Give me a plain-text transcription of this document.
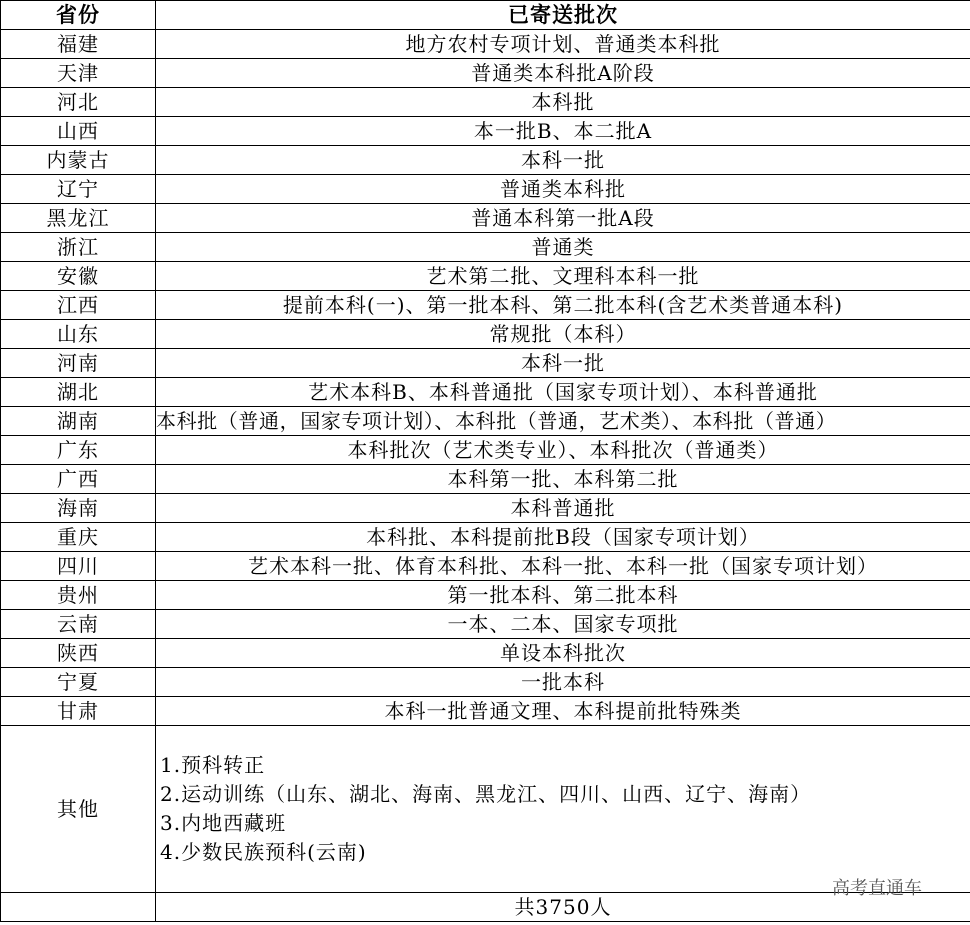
省份	已寄送批次
福建	地方农村专项计划、普通类本科批
天津	普通类本科批A阶段
河北	本科批
山西	本一批B、本二批A
内蒙古	本科一批
辽宁	普通类本科批
黑龙江	普通本科第一批A段
浙江	普通类
安徽	艺术第二批、文理科本科一批
江西	提前本科(一)、第一批本科、第二批本科(含艺术类普通本科)
山东	常规批（本科）
河南	本科一批
湖北	艺术本科B、本科普通批（国家专项计划）、本科普通批
湖南	本科批（普通，国家专项计划）、本科批（普通，艺术类）、本科批（普通）
广东	本科批次（艺术类专业）、本科批次（普通类）
广西	本科第一批、本科第二批
海南	本科普通批
重庆	本科批、本科提前批B段（国家专项计划）
四川	艺术本科一批、体育本科批、本科一批、本科一批（国家专项计划）
贵州	第一批本科、第二批本科
云南	一本、二本、国家专项批
陕西	单设本科批次
宁夏	一批本科
甘肃	本科一批普通文理、本科提前批特殊类
其他	1.预科转正
2.运动训练（山东、湖北、海南、黑龙江、四川、山西、辽宁、海南）
3.内地西藏班
4.少数民族预科(云南)

	共3750人
高考直通车
